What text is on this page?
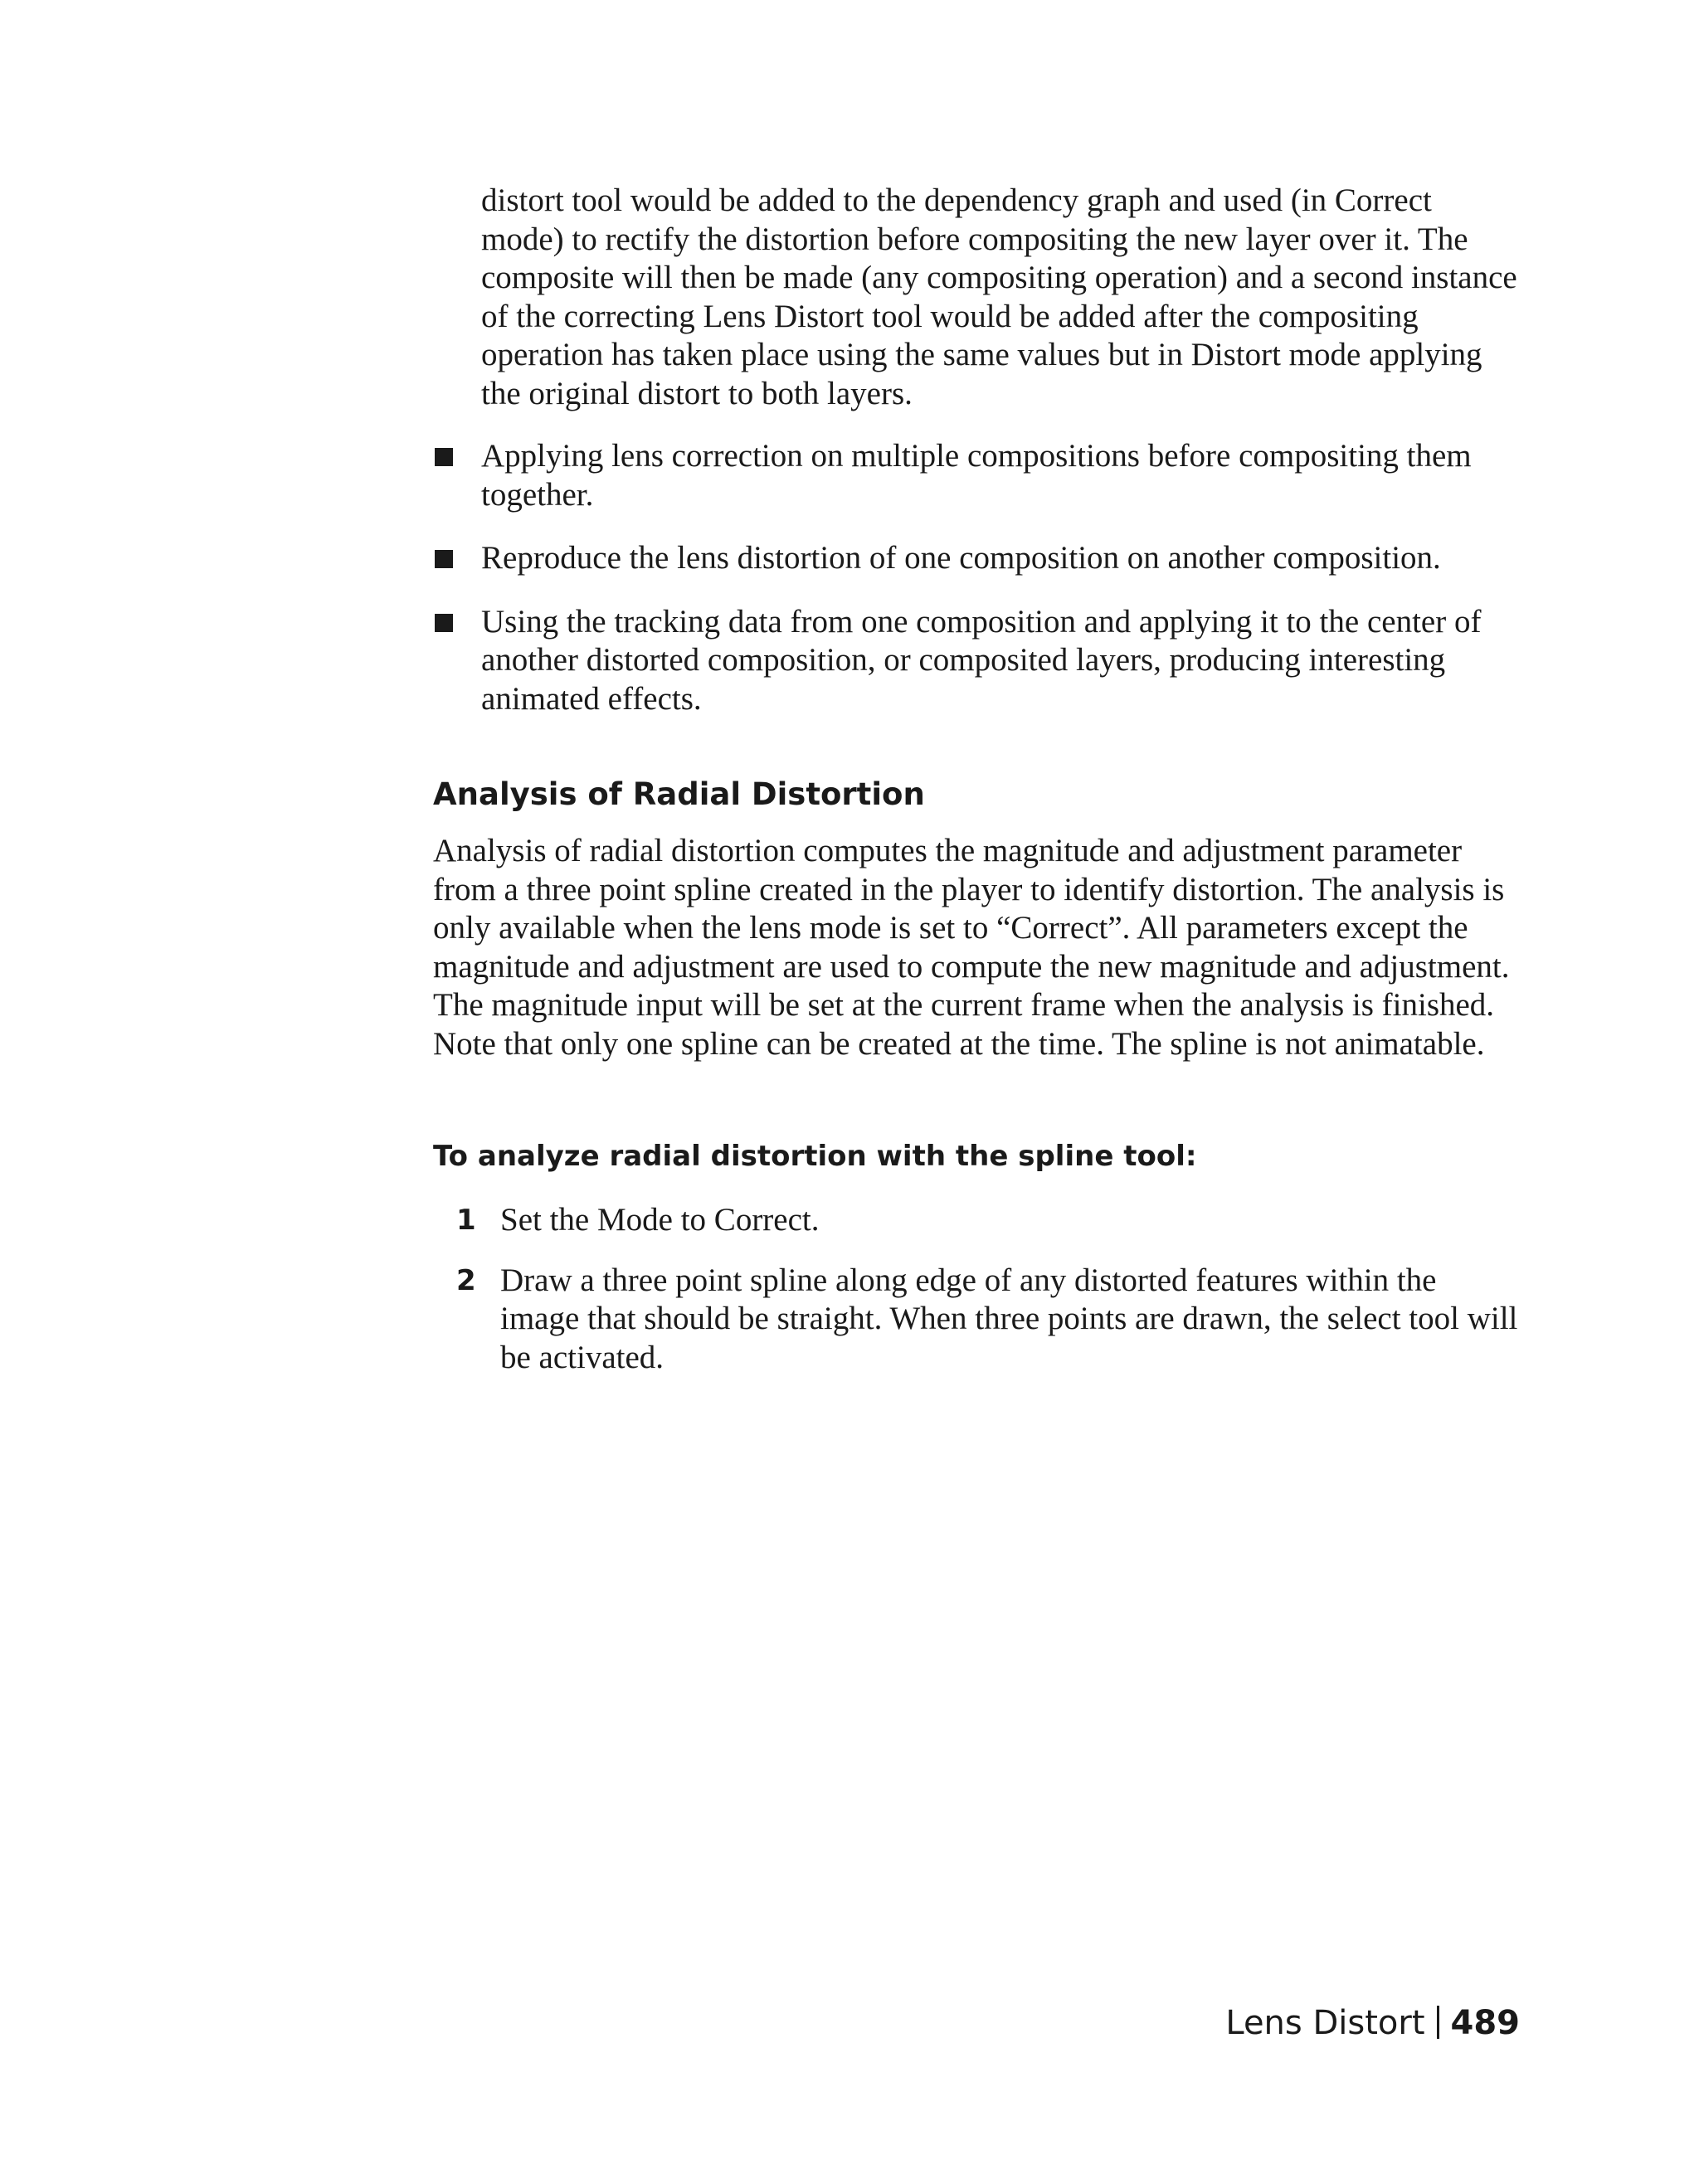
distort tool would be added to the dependency graph and used (in Correct mode) to rectify the distortion before compositing the new layer over it. The composite will then be made (any compositing operation) and a second instance of the correcting Lens Distort tool would be added after the compositing operation has taken place using the same values but in Distort mode applying the original distort to both layers.

Applying lens correction on multiple compositions before compositing them together.
Reproduce the lens distortion of one composition on another composition.
Using the tracking data from one composition and applying it to the center of another distorted composition, or composited layers, producing interesting animated effects.
Analysis of Radial Distortion

Analysis of radial distortion computes the magnitude and adjustment parameter from a three point spline created in the player to identify distortion. The analysis is only available when the lens mode is set to “Correct”. All parameters except the magnitude and adjustment are used to compute the new magnitude and adjustment. The magnitude input will be set at the current frame when the analysis is finished. Note that only one spline can be created at the time. The spline is not animatable.

To analyze radial distortion with the spline tool:
1 Set the Mode to Correct.
2 Draw a three point spline along edge of any distorted features within the image that should be straight. When three points are drawn, the select tool will be activated.
Lens Distort 489
